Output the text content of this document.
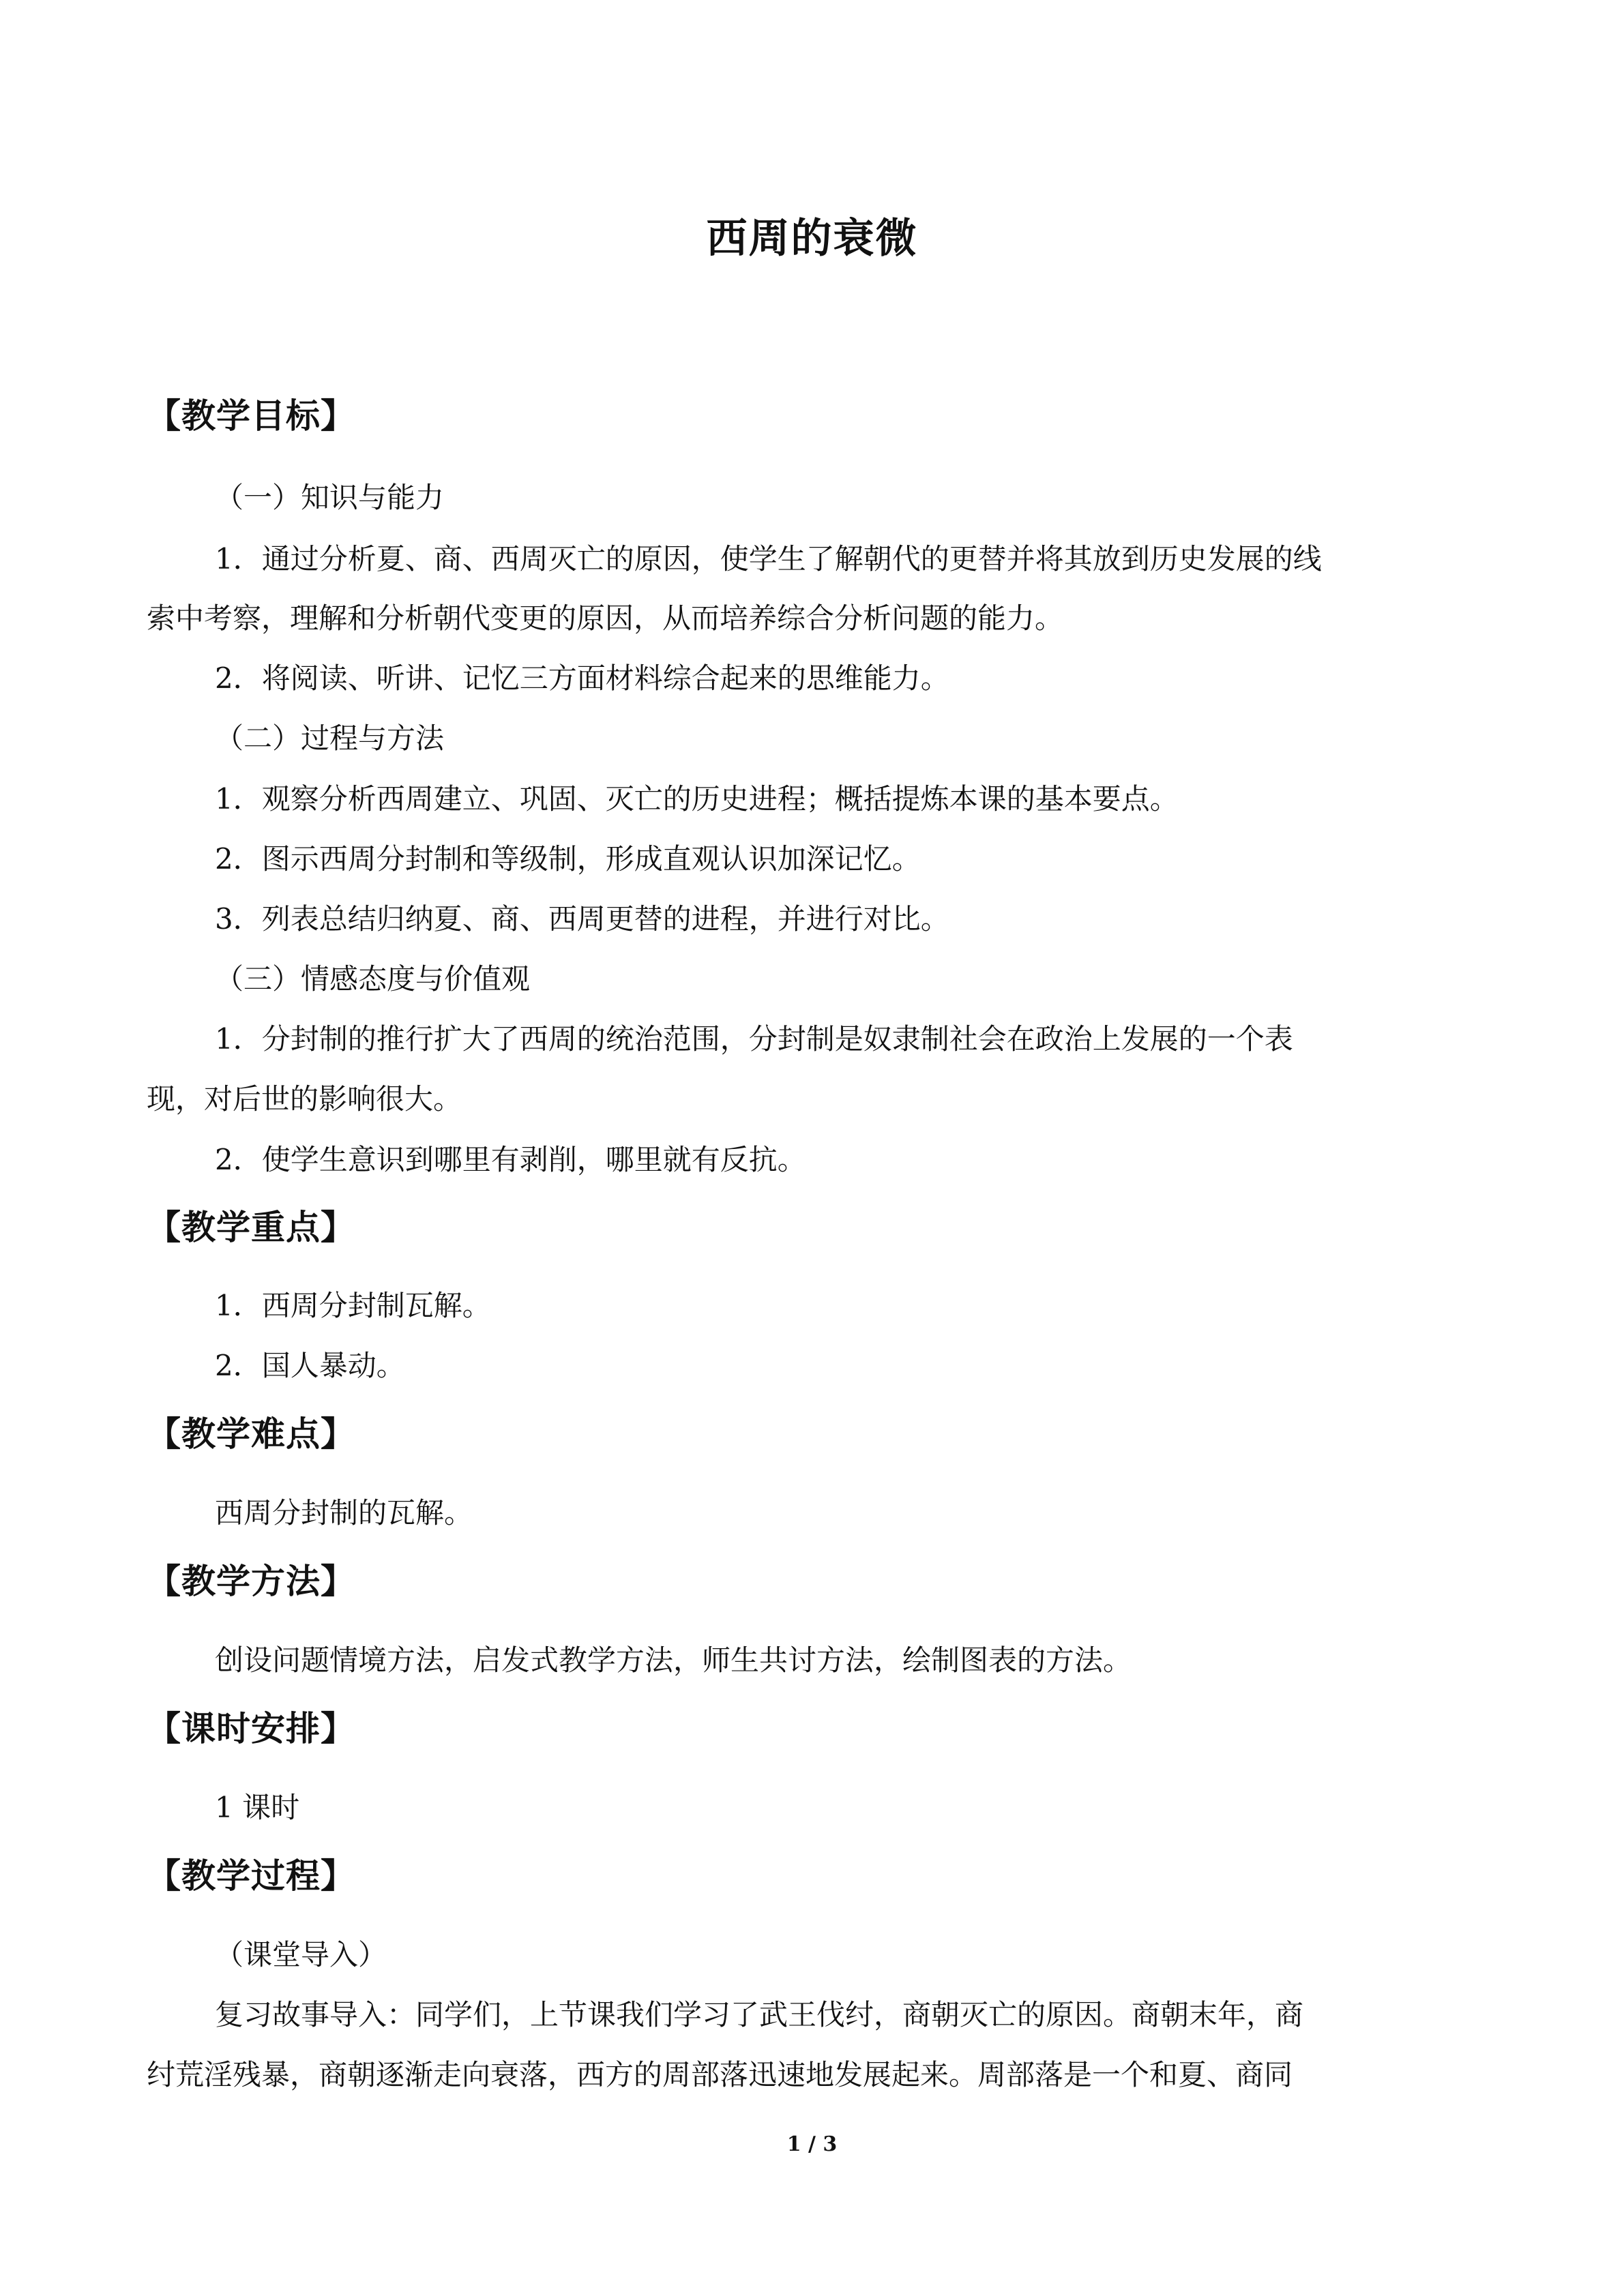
西周的衰微
【教学目标】
（一）知识与能力
1．通过分析夏、商、西周灭亡的原因，使学生了解朝代的更替并将其放到历史发展的线
索中考察，理解和分析朝代变更的原因，从而培养综合分析问题的能力。
2．将阅读、听讲、记忆三方面材料综合起来的思维能力。
（二）过程与方法
1．观察分析西周建立、巩固、灭亡的历史进程；概括提炼本课的基本要点。
2．图示西周分封制和等级制，形成直观认识加深记忆。
3．列表总结归纳夏、商、西周更替的进程，并进行对比。
（三）情感态度与价值观
1．分封制的推行扩大了西周的统治范围，分封制是奴隶制社会在政治上发展的一个表
现，对后世的影响很大。
2．使学生意识到哪里有剥削，哪里就有反抗。
【教学重点】
1．西周分封制瓦解。
2．国人暴动。
【教学难点】
西周分封制的瓦解。
【教学方法】
创设问题情境方法，启发式教学方法，师生共讨方法，绘制图表的方法。
【课时安排】
1 课时
【教学过程】
（课堂导入）
复习故事导入：同学们，上节课我们学习了武王伐纣，商朝灭亡的原因。商朝末年，商
纣荒淫残暴，商朝逐渐走向衰落，西方的周部落迅速地发展起来。周部落是一个和夏、商同
1 / 3
